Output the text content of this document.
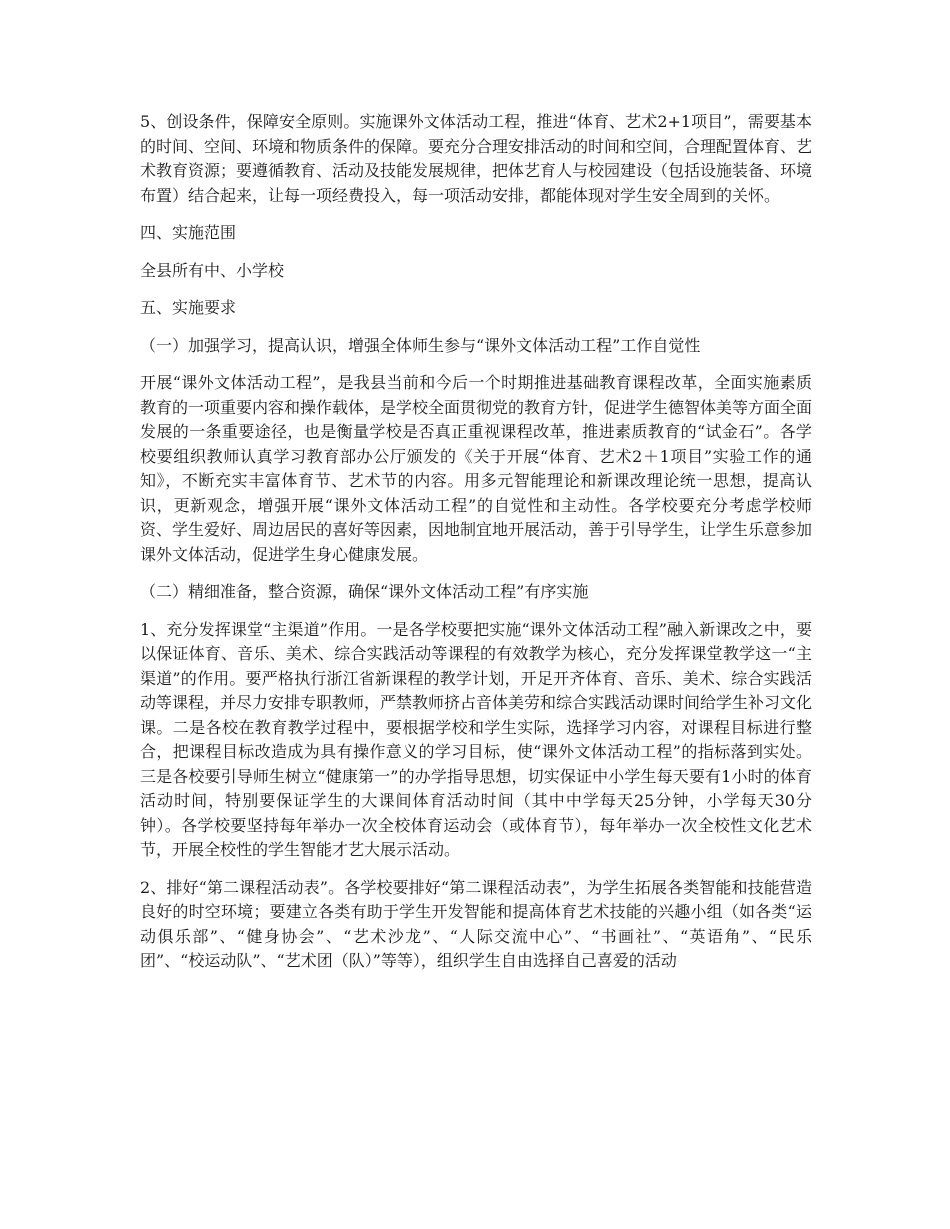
5、创设条件，保障安全原则。实施课外文体活动工程，推进“体育、艺术2+1项目”，需要基本的时间、空间、环境和物质条件的保障。要充分合理安排活动的时间和空间，合理配置体育、艺术教育资源；要遵循教育、活动及技能发展规律，把体艺育人与校园建设（包括设施装备、环境布置）结合起来，让每一项经费投入，每一项活动安排，都能体现对学生安全周到的关怀。

四、实施范围

全县所有中、小学校

五、实施要求

（一）加强学习，提高认识，增强全体师生参与“课外文体活动工程”工作自觉性

开展“课外文体活动工程”，是我县当前和今后一个时期推进基础教育课程改革，全面实施素质教育的一项重要内容和操作载体，是学校全面贯彻党的教育方针，促进学生德智体美等方面全面发展的一条重要途径，也是衡量学校是否真正重视课程改革，推进素质教育的“试金石”。各学校要组织教师认真学习教育部办公厅颁发的《关于开展“体育、艺术2＋1项目”实验工作的通知》，不断充实丰富体育节、艺术节的内容。用多元智能理论和新课改理论统一思想，提高认识，更新观念，增强开展“课外文体活动工程”的自觉性和主动性。各学校要充分考虑学校师资、学生爱好、周边居民的喜好等因素，因地制宜地开展活动，善于引导学生，让学生乐意参加课外文体活动，促进学生身心健康发展。

（二）精细准备，整合资源，确保“课外文体活动工程”有序实施

1、充分发挥课堂“主渠道”作用。一是各学校要把实施“课外文体活动工程”融入新课改之中，要以保证体育、音乐、美术、综合实践活动等课程的有效教学为核心，充分发挥课堂教学这一“主渠道”的作用。要严格执行浙江省新课程的教学计划，开足开齐体育、音乐、美术、综合实践活动等课程，并尽力安排专职教师，严禁教师挤占音体美劳和综合实践活动课时间给学生补习文化课。二是各校在教育教学过程中，要根据学校和学生实际，选择学习内容，对课程目标进行整合，把课程目标改造成为具有操作意义的学习目标，使“课外文体活动工程”的指标落到实处。三是各校要引导师生树立“健康第一”的办学指导思想，切实保证中小学生每天要有1小时的体育活动时间，特别要保证学生的大课间体育活动时间（其中中学每天25分钟，小学每天30分钟）。各学校要坚持每年举办一次全校体育运动会（或体育节），每年举办一次全校性文化艺术节，开展全校性的学生智能才艺大展示活动。

2、排好“第二课程活动表”。各学校要排好“第二课程活动表”，为学生拓展各类智能和技能营造良好的时空环境；要建立各类有助于学生开发智能和提高体育艺术技能的兴趣小组（如各类“运动俱乐部”、“健身协会”、“艺术沙龙”、“人际交流中心”、“书画社”、“英语角”、“民乐团”、“校运动队”、“艺术团（队）”等等），组织学生自由选择自己喜爱的活动
